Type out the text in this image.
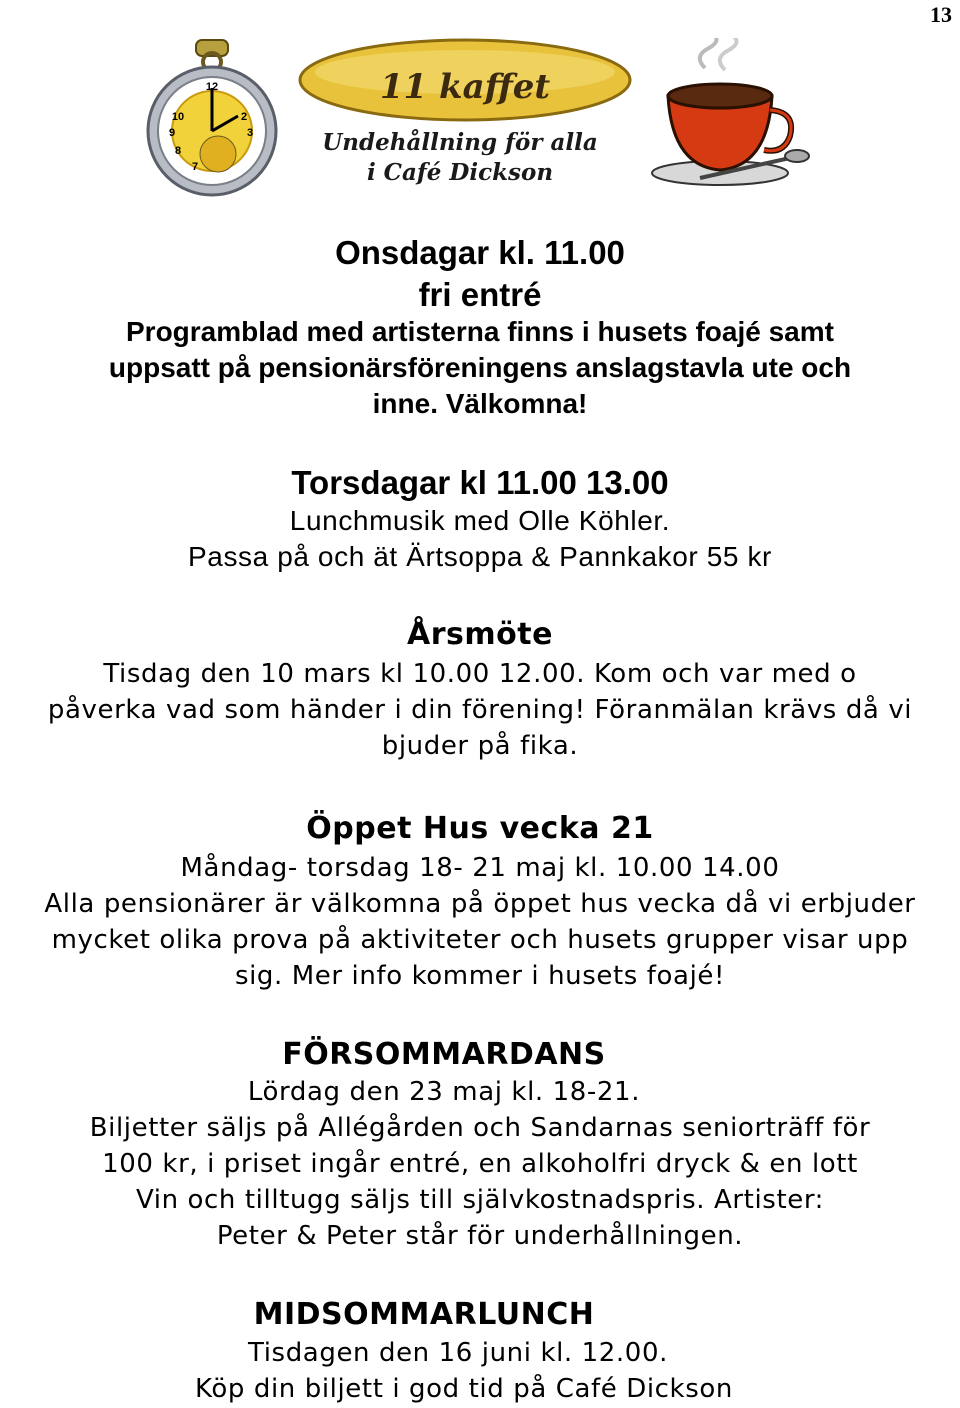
13
12
10
9
8
3
2
7
11 kaffet
Undehållning för alla
i Café Dickson
Onsdagar kl. 11.00
fri entré
Programblad med artisterna finns i husets foajé samt
uppsatt på pensionärsföreningens anslagstavla ute och
inne. Välkomna!
Torsdagar kl 11.00 13.00
Lunchmusik med Olle Köhler.
Passa på och ät Ärtsoppa & Pannkakor 55 kr
Årsmöte
Tisdag den 10 mars kl 10.00 12.00. Kom och var med o
påverka vad som händer i din förening! Föranmälan krävs då vi
bjuder på fika.
Öppet Hus vecka 21
Måndag- torsdag 18- 21 maj kl. 10.00 14.00
Alla pensionärer är välkomna på öppet hus vecka då vi erbjuder
mycket olika prova på aktiviteter och husets grupper visar upp
sig. Mer info kommer i husets foajé!
FÖRSOMMARDANS
Lördag den 23 maj kl. 18-21.
Biljetter säljs på Allégården och Sandarnas seniorträff för
100 kr, i priset ingår entré, en alkoholfri dryck & en lott
Vin och tilltugg säljs till självkostnadspris. Artister:
Peter & Peter står för underhållningen.
MIDSOMMARLUNCH
Tisdagen den 16 juni kl. 12.00.
Köp din biljett i god tid på Café Dickson
